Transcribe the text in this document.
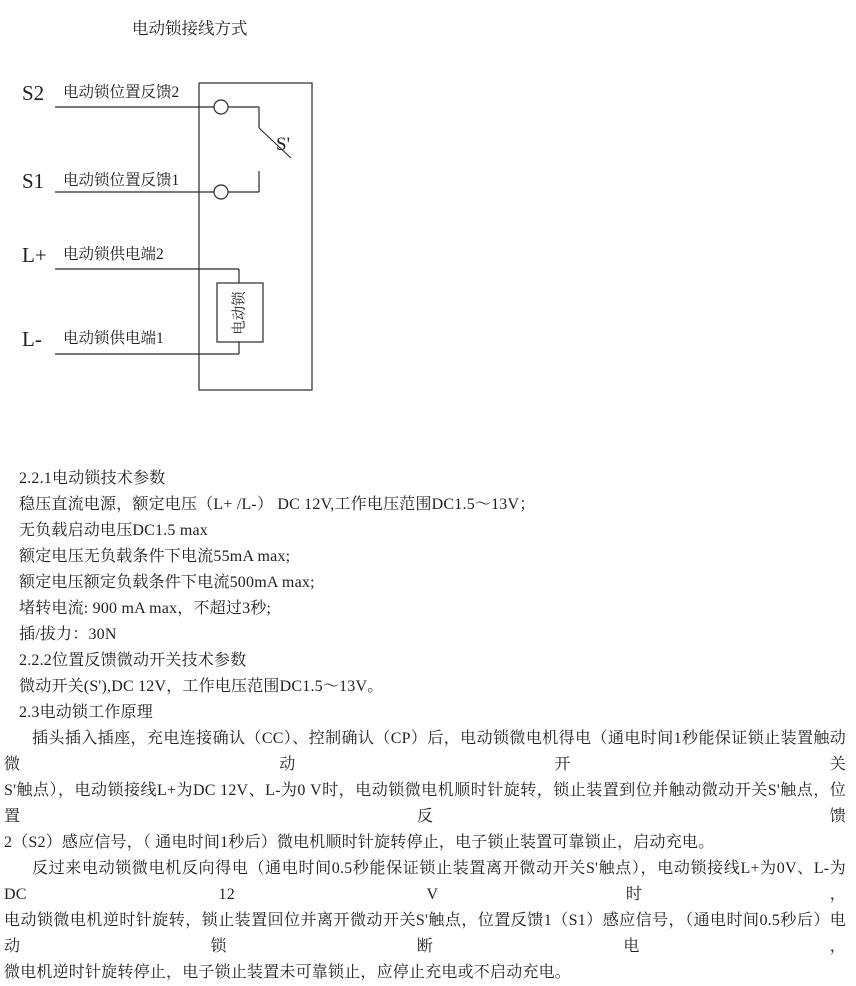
电动锁接线方式
S2 电动锁位置反馈2
S'
S1 电动锁位置反馈1
L+ 电动锁供电端2
电动锁
L- 电动锁供电端1
2.2.1电动锁技术参数
稳压直流电源，额定电压（L+ /L-） DC 12V,工作电压范围DC1.5～13V；
无负载启动电压DC1.5 max
额定电压无负载条件下电流55mA max;
额定电压额定负载条件下电流500mA max;
堵转电流: 900 mA max，不超过3秒;
插/拔力：30N
2.2.2位置反馈微动开关技术参数
微动开关(S'),DC 12V，工作电压范围DC1.5～13V。
2.3电动锁工作原理
插头插入插座，充电连接确认（CC）、控制确认（CP）后，电动锁微电机得电（通电时间1秒能保证锁止装置触动微动开关
S'触点），电动锁接线L+为DC 12V、L-为0 V时，电动锁微电机顺时针旋转，锁止装置到位并触动微动开关S'触点，位置反馈
2（S2）感应信号，（ 通电时间1秒后）微电机顺时针旋转停止，电子锁止装置可靠锁止，启动充电。
反过来电动锁微电机反向得电（通电时间0.5秒能保证锁止装置离开微动开关S'触点），电动锁接线L+为0V、L-为DC 12 V时，
电动锁微电机逆时针旋转，锁止装置回位并离开微动开关S'触点，位置反馈1（S1）感应信号，（通电时间0.5秒后）电动锁断电，
微电机逆时针旋转停止，电子锁止装置未可靠锁止，应停止充电或不启动充电。
